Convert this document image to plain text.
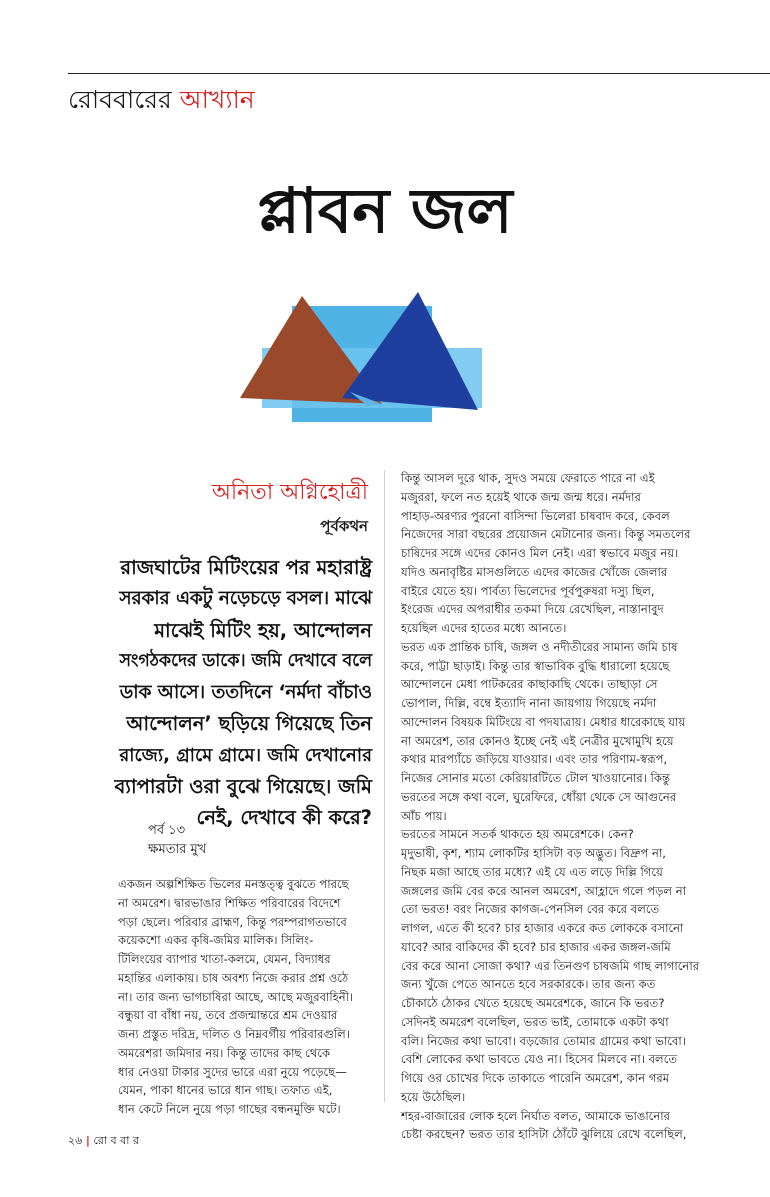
রোববারের আখ্যান
প্লাবন জল
অনিতা অগ্নিহোত্রী
পূর্বকথন
রাজঘাটের মিটিংয়ের পর মহারাষ্ট্র
সরকার একটু নড়েচড়ে বসল। মাঝে
মাঝেই মিটিং হয়, আন্দোলন
সংগঠকদের ডাকে। জমি দেখাবে বলে
ডাক আসে। ততদিনে ‘নর্মদা বাঁচাও
আন্দোলন’ ছড়িয়ে গিয়েছে তিন
রাজ্যে, গ্রামে গ্রামে। জমি দেখানোর
ব্যাপারটা ওরা বুঝে গিয়েছে। জমি
নেই, দেখাবে কী করে?
পর্ব ১৩
ক্ষমতার মুখ
একজন অল্পশিক্ষিত ভিলের মনস্তত্ত্ব বুঝতে পারছে
না অমরেশ। দ্বারভাঙার শিক্ষিত পরিবারের বিদেশে
পড়া ছেলে। পরিবার ব্রাহ্মণ, কিন্তু পরম্পরাগতভাবে
কয়েকশো একর কৃষি-জমির মালিক। সিলিং-
টিলিংয়ের ব্যাপার খাতা-কলমে, যেমন, বিদ্যাধর
মহান্তির এলাকায়। চাষ অবশ্য নিজে করার প্রশ্ন ওঠে
না। তার জন্য ভাগচাষিরা আছে, আছে মজুরবাহিনী।
বন্ধুয়া বা বাঁধা নয়, তবে প্রজন্মান্তরে শ্রম দেওয়ার
জন্য প্রস্তুত দরিদ্র, দলিত ও নিম্নবর্গীয় পরিবারগুলি।
অমরেশরা জমিদার নয়। কিন্তু তাদের কাছ থেকে
ধার নেওয়া টাকার সুদের ভারে এরা নুয়ে পড়েছে—
যেমন, পাকা ধানের ভারে ধান গাছ। তফাত এই,
ধান কেটে নিলে নুয়ে পড়া গাছের বন্ধনমুক্তি ঘটে।
কিন্তু আসল দূরে থাক, সুদও সময়ে ফেরাতে পারে না এই
মজুররা, ফলে নত হয়েই থাকে জন্ম জন্ম ধরে। নর্মদার
পাহাড়-অরণ্যর পুরনো বাসিন্দা ভিলেরা চাষবাদ করে, কেবল
নিজেদের সারা বছরের প্রয়োজন মেটানোর জন্য। কিন্তু সমতলের
চাষিদের সঙ্গে এদের কোনও মিল নেই। এরা স্বভাবে মজুর নয়।
যদিও অনাবৃষ্টির মাসগুলিতে এদের কাজের খোঁজে জেলার
বাইরে যেতে হয়। পার্বত্য ভিলেদের পূর্বপুরুষরা দস্যু ছিল,
ইংরেজ এদের অপরাধীর তকমা দিয়ে রেখেছিল, নাস্তানাবুদ
হয়েছিল এদের হাতের মধ্যে আনতে।
ভরত এক প্রান্তিক চাষি, জঙ্গল ও নদীতীরের সামান্য জমি চাষ
করে, পাট্টা ছাড়াই। কিন্তু তার স্বাভাবিক বুদ্ধি ধারালো হয়েছে
আন্দোলনে মেধা পাটকরের কাছাকাছি থেকে। তাছাড়া সে
ভোপাল, দিল্লি, বম্বে ইত্যাদি নানা জায়গায় গিয়েছে নর্মদা
আন্দোলন বিষয়ক মিটিংয়ে বা পদযাত্রায়। মেধার ধারেকাছে যায়
না অমরেশ, তার কোনও ইচ্ছে নেই এই নেত্রীর মুখোমুখি হয়ে
কথার মারপ্যাঁচে জড়িয়ে যাওয়ার। এবং তার পরিণাম-স্বরূপ,
নিজের সোনার মতো কেরিয়ারটিতে টোল খাওয়ানোর। কিন্তু
ভরতের সঙ্গে কথা বলে, ঘুরেফিরে, ধোঁয়া থেকে সে আগুনের
আঁচ পায়।
ভরতের সামনে সতর্ক থাকতে হয় অমরেশকে। কেন?
মৃদুভাষী, কৃশ, শ্যাম লোকটির হাসিটা বড় অদ্ভুত। বিদ্রুপ না,
নিছক মজা আছে তার মধ্যে? এই যে এত লড়ে দিল্লি গিয়ে
জঙ্গলের জমি বের করে আনল অমরেশ, আহ্লাদে গলে পড়ল না
তো ভরত! বরং নিজের কাগজ-পেনসিল বের করে বলতে
লাগল, এতে কী হবে? চার হাজার একরে কত লোককে বসানো
যাবে? আর বাকিদের কী হবে? চার হাজার একর জঙ্গল-জমি
বের করে আনা সোজা কথা? এর তিনগুণ চাষজমি গাছ লাগানোর
জন্য খুঁজে পেতে আনতে হবে সরকারকে। তার জন্য কত
চৌকাঠে ঠোকর খেতে হয়েছে অমরেশকে, জানে কি ভরত?
সেদিনই অমরেশ বলেছিল, ভরত ভাই, তোমাকে একটা কথা
বলি। নিজের কথা ভাবো। বড়জোর তোমার গ্রামের কথা ভাবো।
বেশি লোকের কথা ভাবতে যেও না। হিসেব মিলবে না। বলতে
গিয়ে ওর চোখের দিকে তাকাতে পারেনি অমরেশ, কান গরম
হয়ে উঠেছিল।
শহর-বাজারের লোক হলে নির্ঘাত বলত, আমাকে ভাঙানোর
চেষ্টা করছেন? ভরত তার হাসিটা ঠোঁটে ঝুলিয়ে রেখে বলেছিল,
২৬ | রো ব বা র
